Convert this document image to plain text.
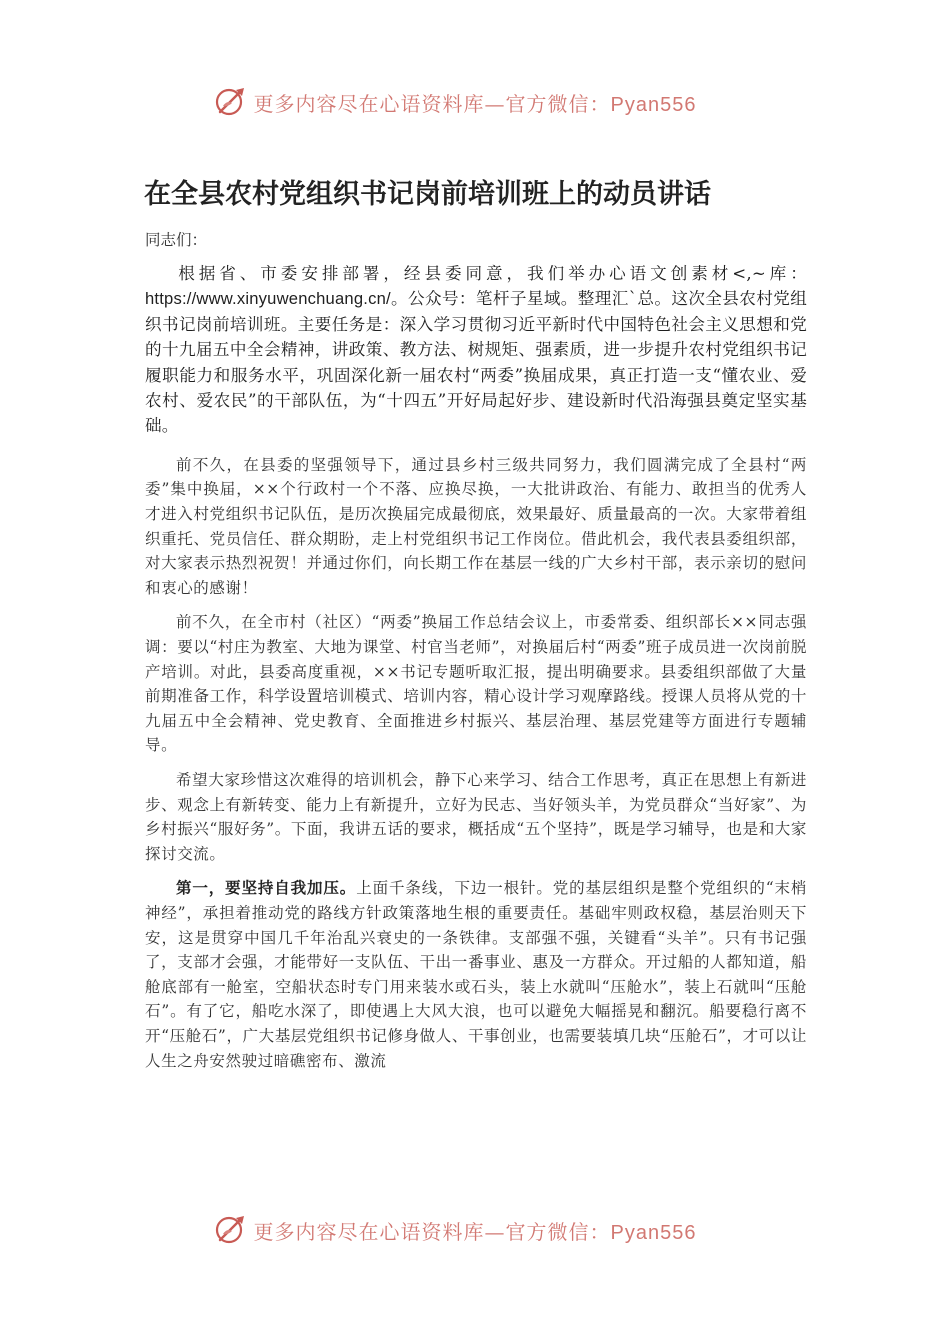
更多内容尽在心语资料库—官方微信：Pyan556
在全县农村党组织书记岗前培训班上的动员讲话
同志们：

根据省、市委安排部署，经县委同意，我们举办心语文创素材<,~库：https://www.xinyuwenchuang.cn/。公众号：笔杆子星域。整理汇`总。这次全县农村党组织书记岗前培训班。主要任务是：深入学习贯彻习近平新时代中国特色社会主义思想和党的十九届五中全会精神，讲政策、教方法、树规矩、强素质，进一步提升农村党组织书记履职能力和服务水平，巩固深化新一届农村“两委”换届成果，真正打造一支“懂农业、爱农村、爱农民”的干部队伍，为“十四五”开好局起好步、建设新时代沿海强县奠定坚实基础。

前不久，在县委的坚强领导下，通过县乡村三级共同努力，我们圆满完成了全县村“两委”集中换届，××个行政村一个不落、应换尽换，一大批讲政治、有能力、敢担当的优秀人才进入村党组织书记队伍，是历次换届完成最彻底，效果最好、质量最高的一次。大家带着组织重托、党员信任、群众期盼，走上村党组织书记工作岗位。借此机会，我代表县委组织部，对大家表示热烈祝贺！并通过你们，向长期工作在基层一线的广大乡村干部，表示亲切的慰问和衷心的感谢！

前不久，在全市村（社区）“两委”换届工作总结会议上，市委常委、组织部长××同志强调：要以“村庄为教室、大地为课堂、村官当老师”，对换届后村“两委”班子成员进一次岗前脱产培训。对此，县委高度重视，××书记专题听取汇报，提出明确要求。县委组织部做了大量前期准备工作，科学设置培训模式、培训内容，精心设计学习观摩路线。授课人员将从党的十九届五中全会精神、党史教育、全面推进乡村振兴、基层治理、基层党建等方面进行专题辅导。

希望大家珍惜这次难得的培训机会，静下心来学习、结合工作思考，真正在思想上有新进步、观念上有新转变、能力上有新提升，立好为民志、当好领头羊，为党员群众“当好家”、为乡村振兴“服好务”。下面，我讲五话的要求，概括成“五个坚持”，既是学习辅导，也是和大家探讨交流。

第一，要坚持自我加压。上面千条线，下边一根针。党的基层组织是整个党组织的“末梢神经”，承担着推动党的路线方针政策落地生根的重要责任。基础牢则政权稳，基层治则天下安，这是贯穿中国几千年治乱兴衰史的一条铁律。支部强不强，关键看“头羊”。只有书记强了，支部才会强，才能带好一支队伍、干出一番事业、惠及一方群众。开过船的人都知道，船舱底部有一舱室，空船状态时专门用来装水或石头，装上水就叫“压舱水”，装上石就叫“压舱石”。有了它，船吃水深了，即使遇上大风大浪，也可以避免大幅摇晃和翻沉。船要稳行离不开“压舱石”，广大基层党组织书记修身做人、干事创业，也需要装填几块“压舱石”，才可以让人生之舟安然驶过暗礁密布、激流

更多内容尽在心语资料库—官方微信：Pyan556
